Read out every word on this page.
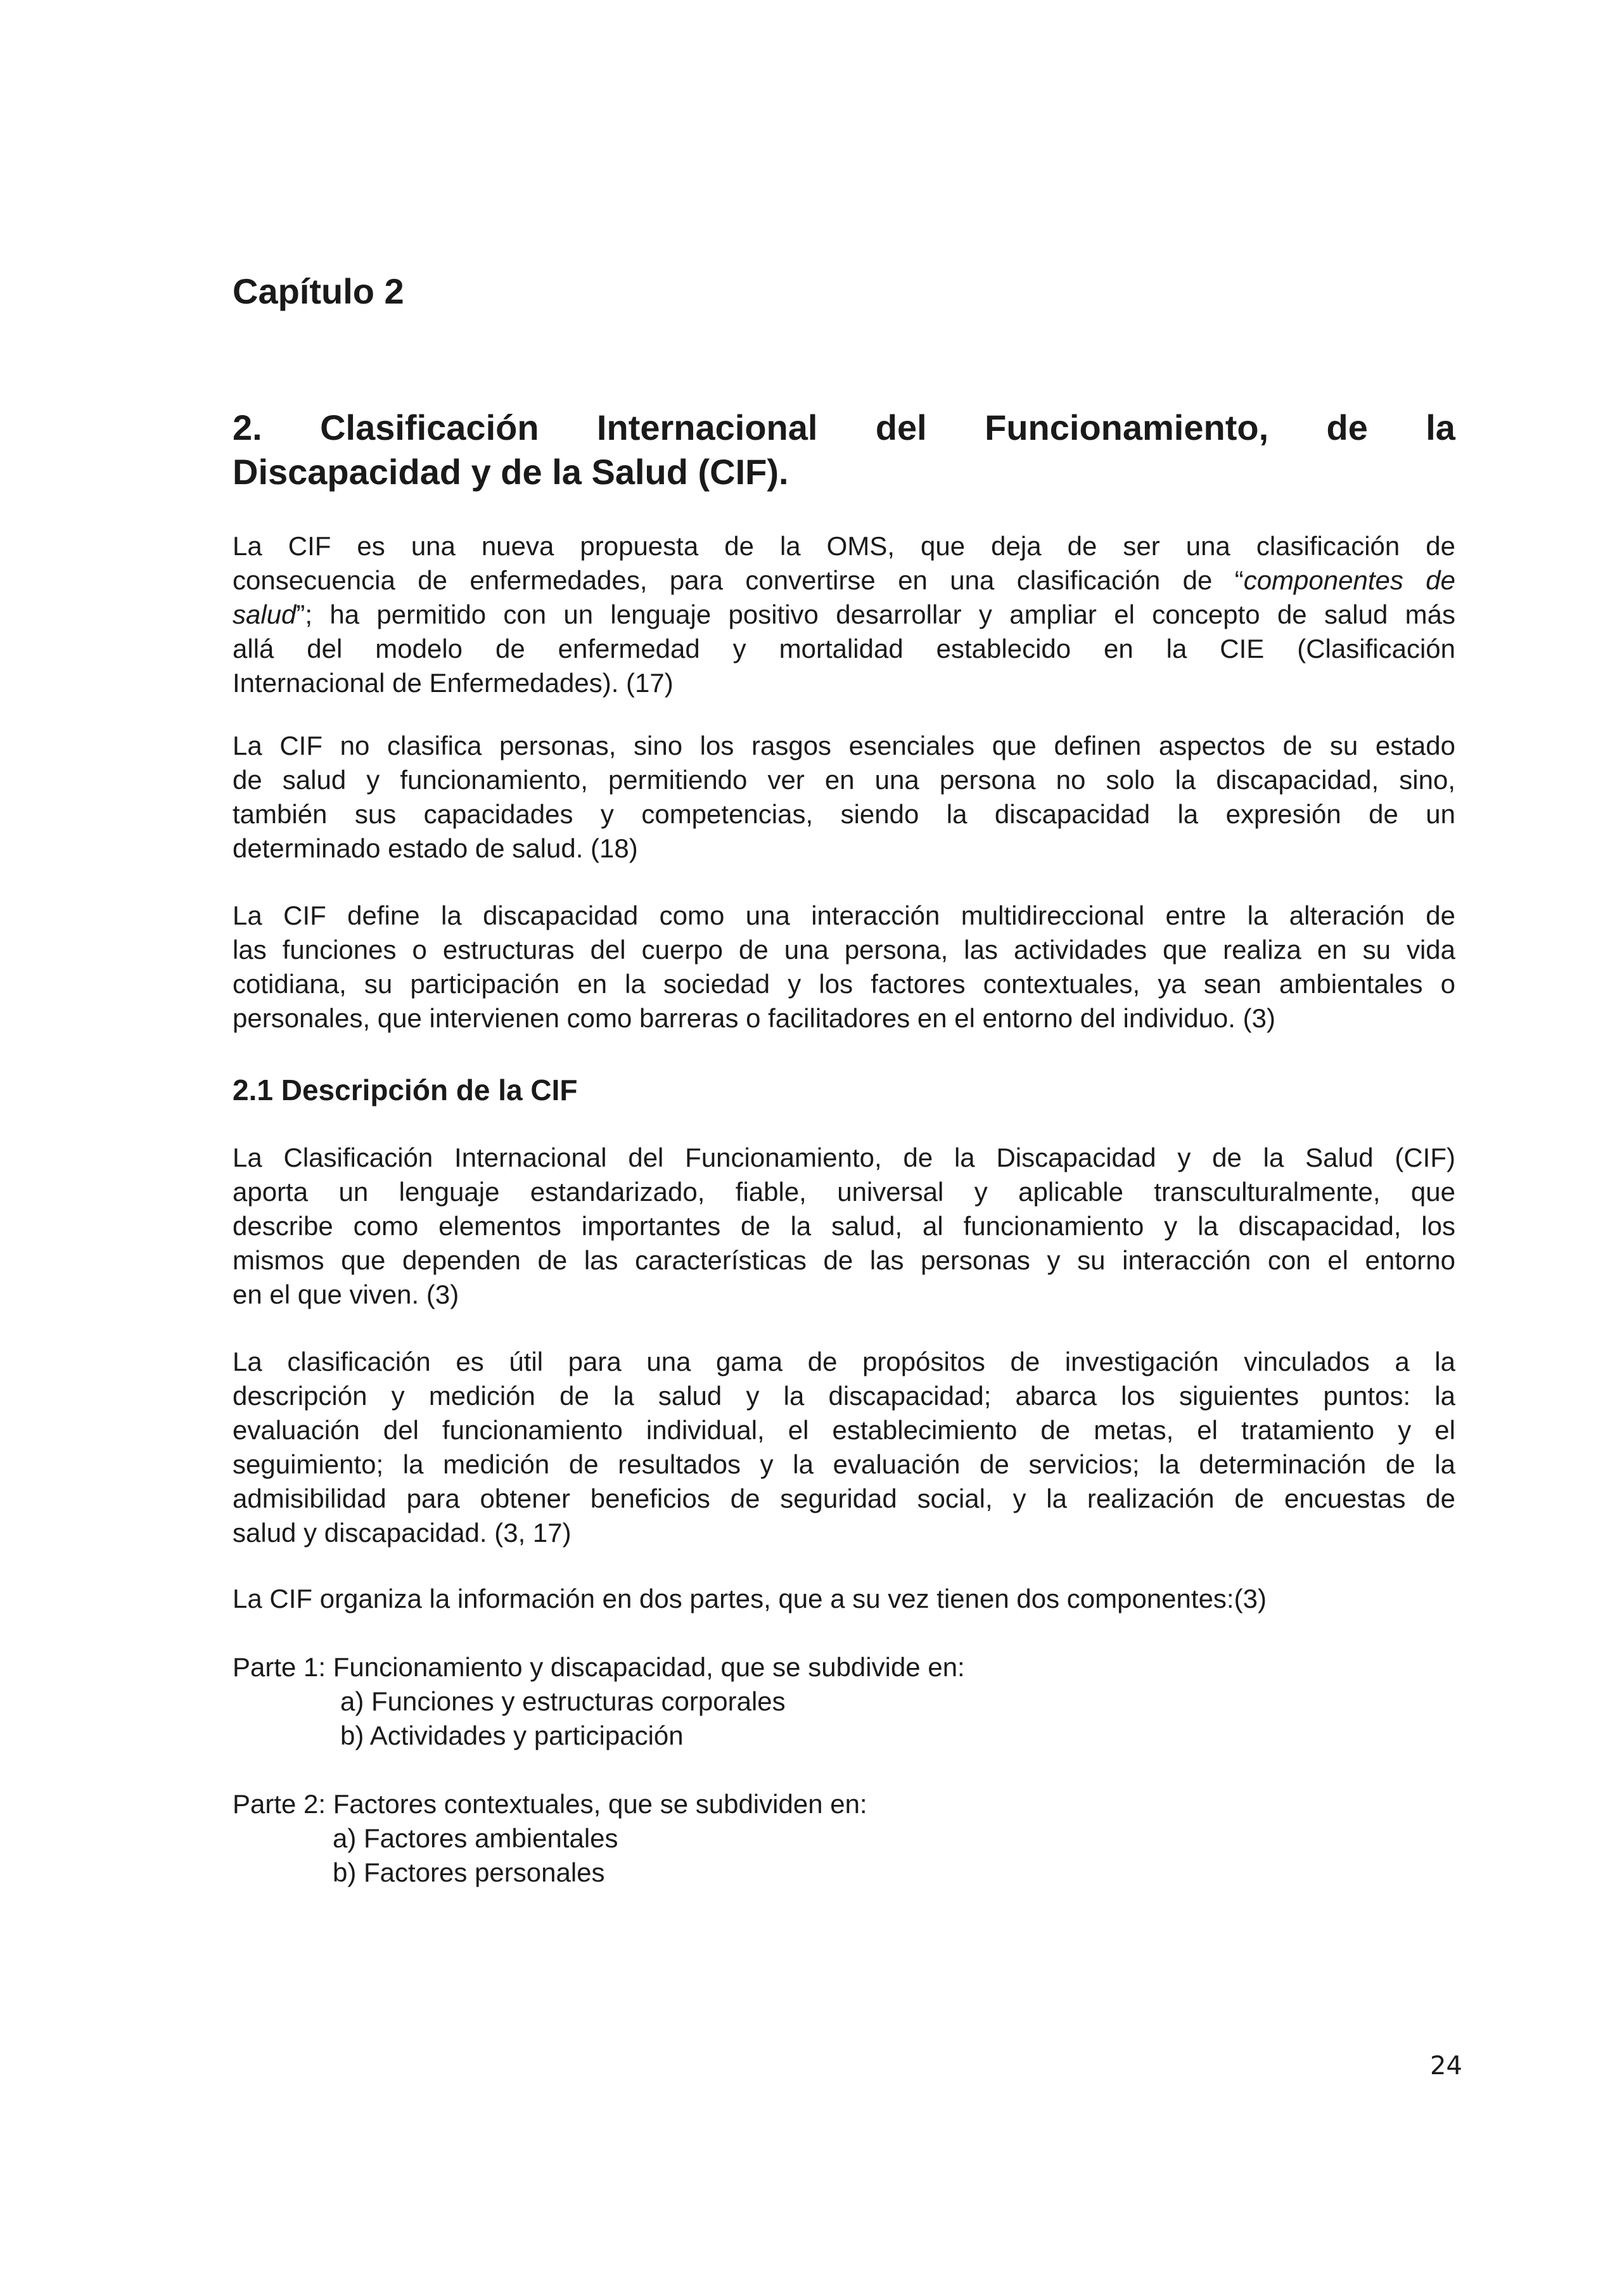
Capítulo 2
2. Clasificación Internacional del Funcionamiento, de la
Discapacidad y de la Salud (CIF).

La CIF es una nueva propuesta de la OMS, que deja de ser una clasificación de
consecuencia de enfermedades, para convertirse en una clasificación de “componentes de
salud”; ha permitido con un lenguaje positivo desarrollar y ampliar el concepto de salud más
allá del modelo de enfermedad y mortalidad establecido en la CIE (Clasificación
Internacional de Enfermedades). (17)

La CIF no clasifica personas, sino los rasgos esenciales que definen aspectos de su estado
de salud y funcionamiento, permitiendo ver en una persona no solo la discapacidad, sino,
también sus capacidades y competencias, siendo la discapacidad la expresión de un
determinado estado de salud. (18)

La CIF define la discapacidad como una interacción multidireccional entre la alteración de
las funciones o estructuras del cuerpo de una persona, las actividades que realiza en su vida
cotidiana, su participación en la sociedad y los factores contextuales, ya sean ambientales o
personales, que intervienen como barreras o facilitadores en el entorno del individuo. (3)

2.1 Descripción de la CIF

La Clasificación Internacional del Funcionamiento, de la Discapacidad y de la Salud (CIF)
aporta un lenguaje estandarizado, fiable, universal y aplicable transculturalmente, que
describe como elementos importantes de la salud, al funcionamiento y la discapacidad, los
mismos que dependen de las características de las personas y su interacción con el entorno
en el que viven. (3)

La clasificación es útil para una gama de propósitos de investigación vinculados a la
descripción y medición de la salud y la discapacidad; abarca los siguientes puntos: la
evaluación del funcionamiento individual, el establecimiento de metas, el tratamiento y el
seguimiento; la medición de resultados y la evaluación de servicios; la determinación de la
admisibilidad para obtener beneficios de seguridad social, y la realización de encuestas de
salud y discapacidad. (3, 17)

La CIF organiza la información en dos partes, que a su vez tienen dos componentes:(3)

Parte 1: Funcionamiento y discapacidad, que se subdivide en:

a) Funciones y estructuras corporales

b) Actividades y participación

Parte 2: Factores contextuales, que se subdividen en:

a) Factores ambientales

b) Factores personales

24
